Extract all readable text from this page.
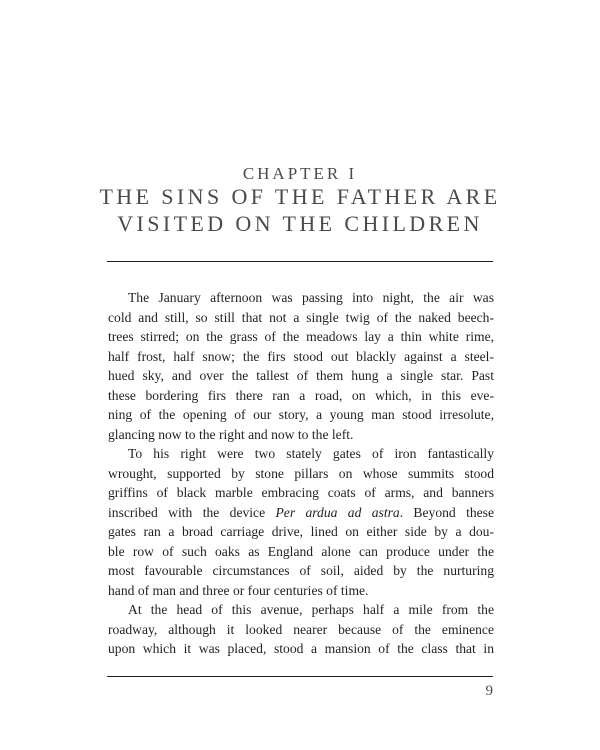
CHAPTER I
THE SINS OF THE FATHER ARE
VISITED ON THE CHILDREN
The January afternoon was passing into night, the air was
cold and still, so still that not a single twig of the naked beech-
trees stirred; on the grass of the meadows lay a thin white rime,
half frost, half snow; the firs stood out blackly against a steel-
hued sky, and over the tallest of them hung a single star. Past
these bordering firs there ran a road, on which, in this eve-
ning of the opening of our story, a young man stood irresolute,
glancing now to the right and now to the left.
To his right were two stately gates of iron fantastically
wrought, supported by stone pillars on whose summits stood
griffins of black marble embracing coats of arms, and banners
inscribed with the device Per ardua ad astra. Beyond these
gates ran a broad carriage drive, lined on either side by a dou-
ble row of such oaks as England alone can produce under the
most favourable circumstances of soil, aided by the nurturing
hand of man and three or four centuries of time.
At the head of this avenue, perhaps half a mile from the
roadway, although it looked nearer because of the eminence
upon which it was placed, stood a mansion of the class that in
9
